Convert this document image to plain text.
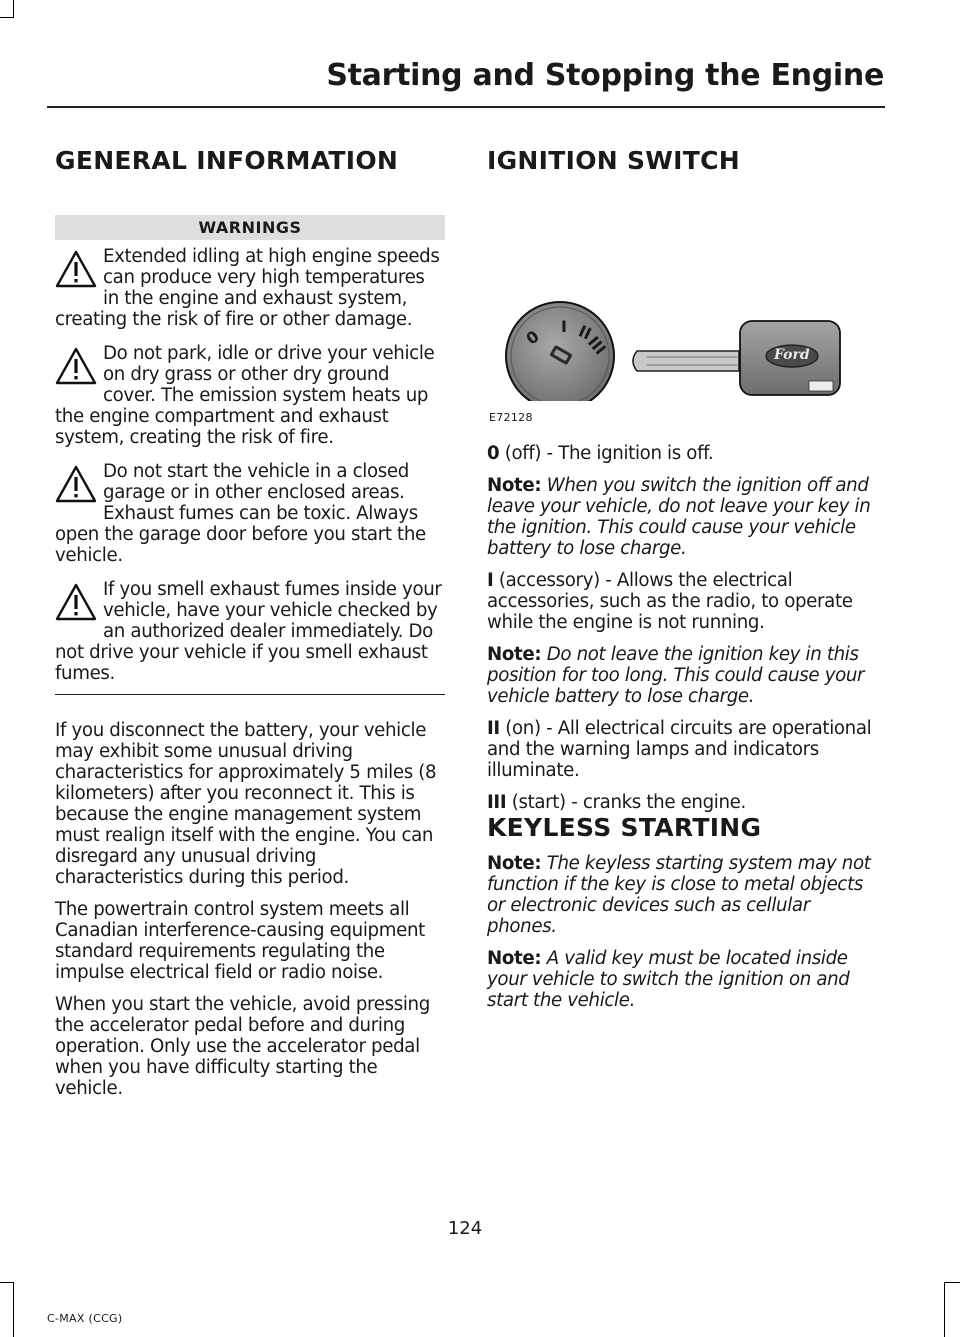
Starting and Stopping the Engine
GENERAL INFORMATION
WARNINGS

Extended idling at high engine speeds can produce very high temperatures in the engine and exhaust system, creating the risk of fire or other damage.

Do not park, idle or drive your vehicle on dry grass or other dry ground cover. The emission system heats up the engine compartment and exhaust system, creating the risk of fire.

Do not start the vehicle in a closed garage or in other enclosed areas. Exhaust fumes can be toxic. Always open the garage door before you start the vehicle.

If you smell exhaust fumes inside your vehicle, have your vehicle checked by an authorized dealer immediately. Do not drive your vehicle if you smell exhaust fumes.

If you disconnect the battery, your vehicle may exhibit some unusual driving characteristics for approximately 5 miles (8 kilometers) after you reconnect it. This is because the engine management system must realign itself with the engine. You can disregard any unusual driving characteristics during this period.

The powertrain control system meets all Canadian interference-causing equipment standard requirements regulating the impulse electrical field or radio noise.

When you start the vehicle, avoid pressing the accelerator pedal before and during operation. Only use the accelerator pedal when you have difficulty starting the vehicle.

IGNITION SWITCH
0
I II
III	Ford
E72128

0 (off) - The ignition is off.

Note: When you switch the ignition off and leave your vehicle, do not leave your key in the ignition. This could cause your vehicle battery to lose charge.

I (accessory) - Allows the electrical accessories, such as the radio, to operate while the engine is not running.

Note: Do not leave the ignition key in this position for too long. This could cause your vehicle battery to lose charge.

II (on) - All electrical circuits are operational and the warning lamps and indicators illuminate.

III (start) - cranks the engine.

KEYLESS STARTING

Note: The keyless starting system may not function if the key is close to metal objects or electronic devices such as cellular phones.

Note: A valid key must be located inside your vehicle to switch the ignition on and start the vehicle.

124
C-MAX (CCG)
